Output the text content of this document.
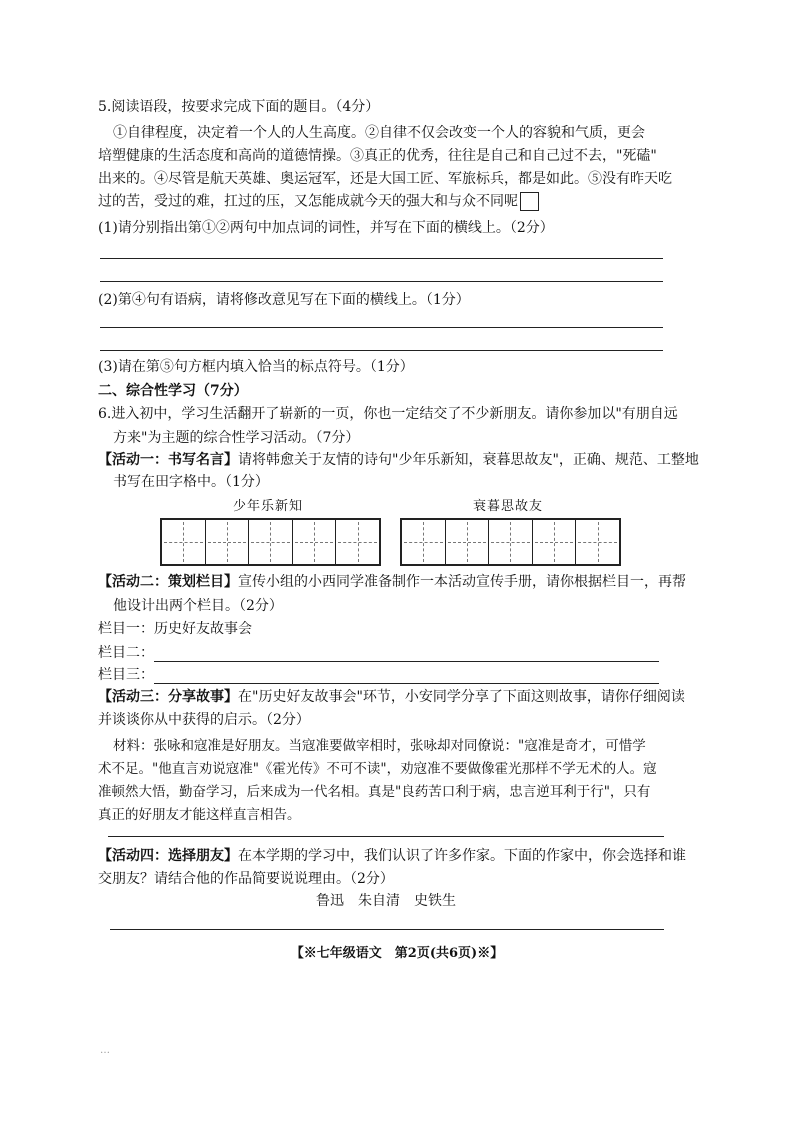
5.阅读语段，按要求完成下面的题目。（4分）
①自律程度，决定着一个人的人生高度。②自律不仅会改变一个人的容貌和气质，更会
培塑健康的生活态度和高尚的道德情操。③真正的优秀，往往是自己和自己过不去，"死磕"
出来的。④尽管是航天英雄、奥运冠军，还是大国工匠、军旅标兵，都是如此。⑤没有昨天吃
过的苦，受过的难，扛过的压，又怎能成就今天的强大和与众不同呢
(1)请分别指出第①②两句中加点词的词性，并写在下面的横线上。（2分）
(2)第④句有语病，请将修改意见写在下面的横线上。（1分）
(3)请在第⑤句方框内填入恰当的标点符号。（1分）
二、综合性学习（7分）
6.进入初中，学习生活翻开了崭新的一页，你也一定结交了不少新朋友。请你参加以"有朋自远
方来"为主题的综合性学习活动。（7分）
【活动一：书写名言】请将韩愈关于友情的诗句"少年乐新知，衰暮思故友"，正确、规范、工整地
书写在田字格中。（1分）
少年乐新知	衰暮思故友
【活动二：策划栏目】宣传小组的小西同学准备制作一本活动宣传手册，请你根据栏目一，再帮
他设计出两个栏目。（2分）
栏目一：历史好友故事会
栏目二：
栏目三：
【活动三：分享故事】在"历史好友故事会"环节，小安同学分享了下面这则故事，请你仔细阅读
并谈谈你从中获得的启示。（2分）
材料：张咏和寇准是好朋友。当寇准要做宰相时，张咏却对同僚说："寇准是奇才，可惜学
术不足。"他直言劝说寇准"《霍光传》不可不读"，劝寇准不要做像霍光那样不学无术的人。寇
准顿然大悟，勤奋学习，后来成为一代名相。真是"良药苦口利于病，忠言逆耳利于行"，只有
真正的好朋友才能这样直言相告。
【活动四：选择朋友】在本学期的学习中，我们认识了许多作家。下面的作家中，你会选择和谁
交朋友？请结合他的作品简要说说理由。（2分）
鲁迅　朱自清　史铁生
【※七年级语文　第2页(共6页)※】
…
